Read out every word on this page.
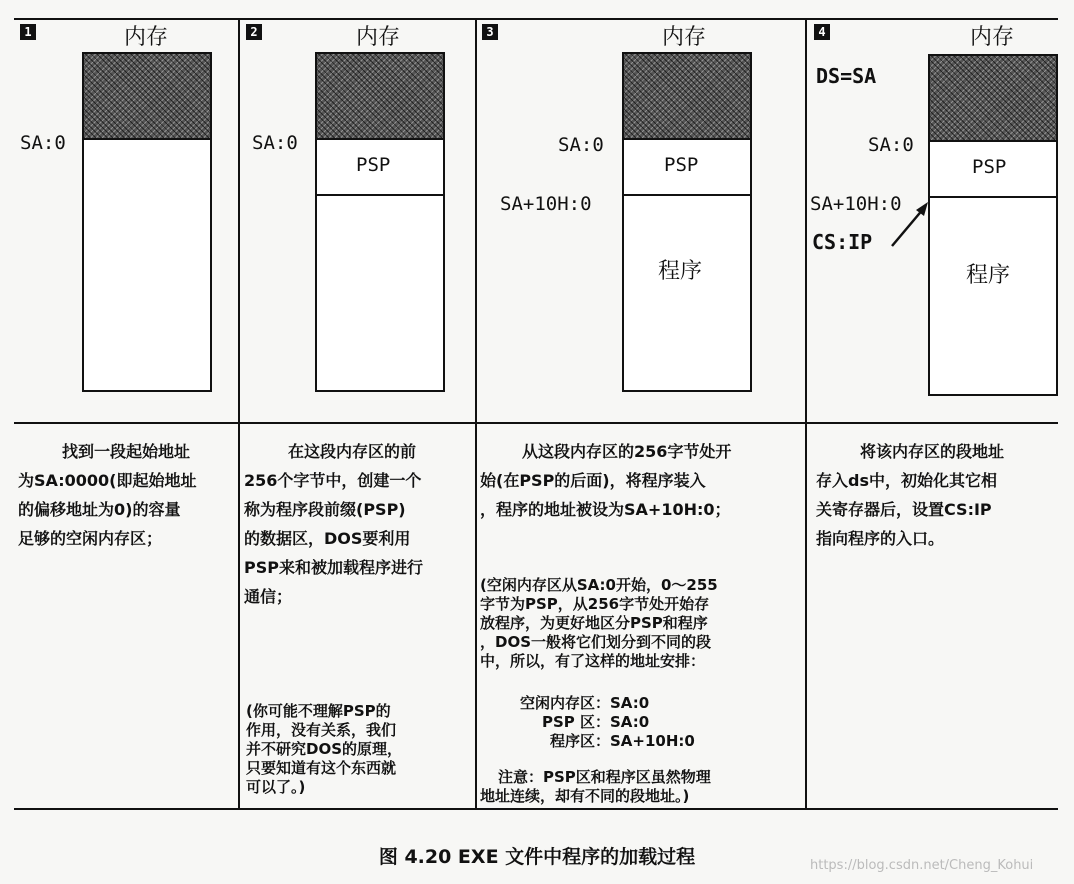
1	内存
SA:0
2	内存
PSP
SA:0
3	内存
PSP
程序
SA:0
SA+10H:0
4	内存
DS=SA
PSP
程序
SA:0
SA+10H:0
CS:IP
找到一段起始地址
为SA:0000(即起始地址
的偏移地址为0)的容量
足够的空闲内存区；
在这段内存区的前
256个字节中，创建一个
称为程序段前缀(PSP)
的数据区，DOS要利用
PSP来和被加载程序进行
通信；
(你可能不理解PSP的
作用，没有关系，我们
并不研究DOS的原理，
只要知道有这个东西就
可以了。)
从这段内存区的256字节处开
始(在PSP的后面)，将程序装入
，程序的地址被设为SA+10H:0；
(空闲内存区从SA:0开始，0～255
字节为PSP，从256字节处开始存
放程序，为更好地区分PSP和程序
，DOS一般将它们划分到不同的段
中，所以，有了这样的地址安排：
空闲内存区：SA:0
PSP 区：SA:0
程序区：SA+10H:0
注意：PSP区和程序区虽然物理
地址连续，却有不同的段地址。)
将该内存区的段地址
存入ds中，初始化其它相
关寄存器后，设置CS:IP
指向程序的入口。
图 4.20 EXE 文件中程序的加载过程	https://blog.csdn.net/Cheng_Kohui
